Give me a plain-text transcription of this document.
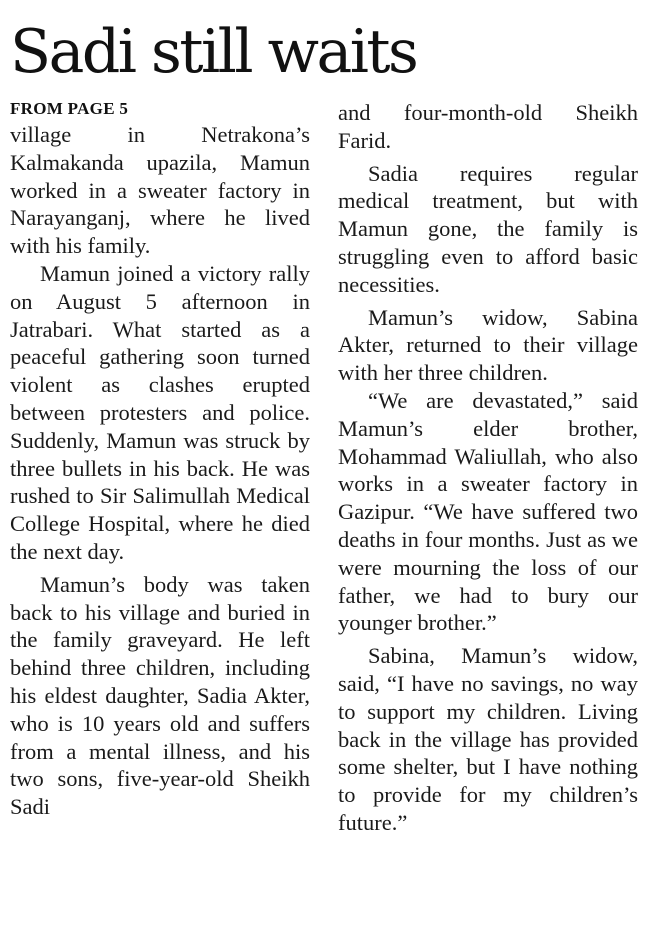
Sadi still waits
FROM PAGE 5

village in Netrakona’s Kalmakanda upazila, Mamun worked in a sweater factory in Narayanganj, where he lived with his family.

Mamun joined a victory rally on August 5 afternoon in Jatrabari. What started as a peaceful gathering soon turned violent as clashes erupted between protesters and police. Suddenly, Mamun was struck by three bullets in his back. He was rushed to Sir Salimullah Medical College Hospital, where he died the next day.

Mamun’s body was taken back to his village and buried in the family graveyard. He left behind three children, including his eldest daughter, Sadia Akter, who is 10 years old and suffers from a mental illness, and his two sons, five-year-old Sheikh Sadi

and four-month-old Sheikh Farid.

Sadia requires regular medical treatment, but with Mamun gone, the family is struggling even to afford basic necessities.

Mamun’s widow, Sabina Akter, returned to their village with her three children.

“We are devastated,” said Mamun’s elder brother, Mohammad Waliullah, who also works in a sweater factory in Gazipur. “We have suffered two deaths in four months. Just as we were mourning the loss of our father, we had to bury our younger brother.”

Sabina, Mamun’s widow, said, “I have no savings, no way to support my children. Living back in the village has provided some shelter, but I have nothing to provide for my children’s future.”
